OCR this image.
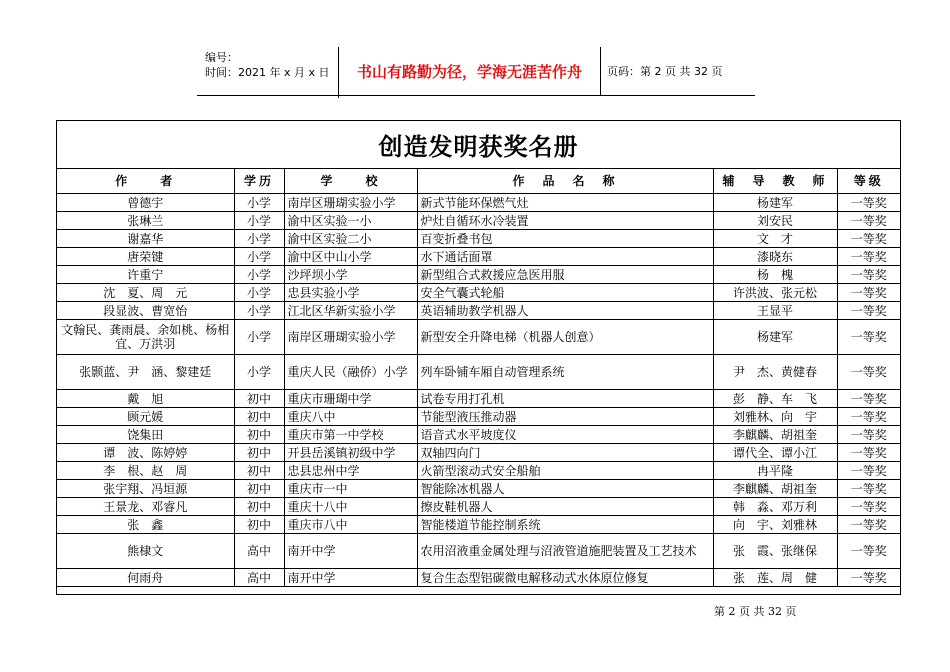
编号：
时间：2021 年 x 月 x 日	书山有路勤为径，学海无涯苦作舟	页码：第 2 页 共 32 页
创造发明获奖名册
作　　者	学历	学　　校	作　品　名　称	辅　导　教　师	等级
曾德宇	小学	南岸区珊瑚实验小学	新式节能环保燃气灶	杨建军	一等奖
张琳兰	小学	渝中区实验一小	炉灶自循环水冷装置	刘安民	一等奖
谢嘉华	小学	渝中区实验二小	百变折叠书包	文　才	一等奖
唐荣键	小学	渝中区中山小学	水下通话面罩	漆晓东	一等奖
许重宁	小学	沙坪坝小学	新型组合式救援应急医用服	杨　槐	一等奖
沈　夏、周　元	小学	忠县实验小学	安全气囊式轮船	许洪波、张元松	一等奖
段显波、曹宽怡	小学	江北区华新实验小学	英语辅助教学机器人	王显平	一等奖
文翰民、龚雨晨、余如桃、杨相宜、万洪羽	小学	南岸区珊瑚实验小学	新型安全升降电梯（机器人创意）	杨建军	一等奖
张颢蓝、尹　涵、黎建廷	小学	重庆人民（融侨）小学	列车卧铺车厢自动管理系统	尹　杰、黄健春	一等奖
戴　旭	初中	重庆市珊瑚中学	试卷专用打孔机	彭　静、车　飞	一等奖
顾元媛	初中	重庆八中	节能型液压推动器	刘雅林、向　宇	一等奖
饶集田	初中	重庆市第一中学校	语音式水平坡度仪	李麒麟、胡祖奎	一等奖
谭　波、陈婷婷	初中	开县岳溪镇初级中学	双轴四向门	谭代全、谭小江	一等奖
李　根、赵　周	初中	忠县忠州中学	火箭型滚动式安全船舶	冉平隆	一等奖
张宇翔、冯垣源	初中	重庆市一中	智能除冰机器人	李麒麟、胡祖奎	一等奖
王景龙、邓睿凡	初中	重庆十八中	擦皮鞋机器人	韩　淼、邓万利	一等奖
张　鑫	初中	重庆市八中	智能楼道节能控制系统	向　宇、刘雅林	一等奖
熊棣文	高中	南开中学	农用沼液重金属处理与沼液管道施肥装置及工艺技术	张　霞、张继保	一等奖
何雨舟	高中	南开中学	复合生态型铝碳微电解移动式水体原位修复	张　莲、周　健	一等奖
第 2 页 共 32 页
